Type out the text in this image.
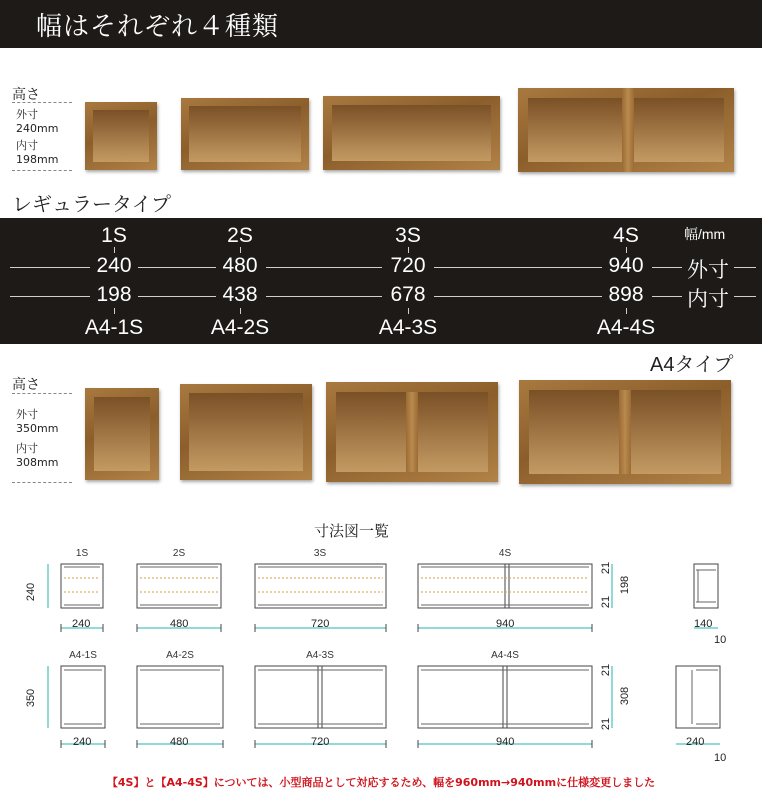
幅はそれぞれ４種類
高さ
外寸
240mm
内寸
198mm
レギュラータイプ
幅/mm
1S	2S	3S	4S
240	480	720	940 外寸
198	438	678	898 内寸
A4-1S	A4-2S	A4-3S	A4-4S
A4タイプ
高さ
外寸
350mm
内寸
308mm
寸法図一覧
1S	2S	3S	4S
240	480	720	940
240
21
21
198
140
10
A4-1S	A4-2S	A4-3S	A4-4S
240	480	720	940
350
21
21
308
240
10
【4S】と【A4-4S】については、小型商品として対応するため、幅を960mm→940mmに仕様変更しました
